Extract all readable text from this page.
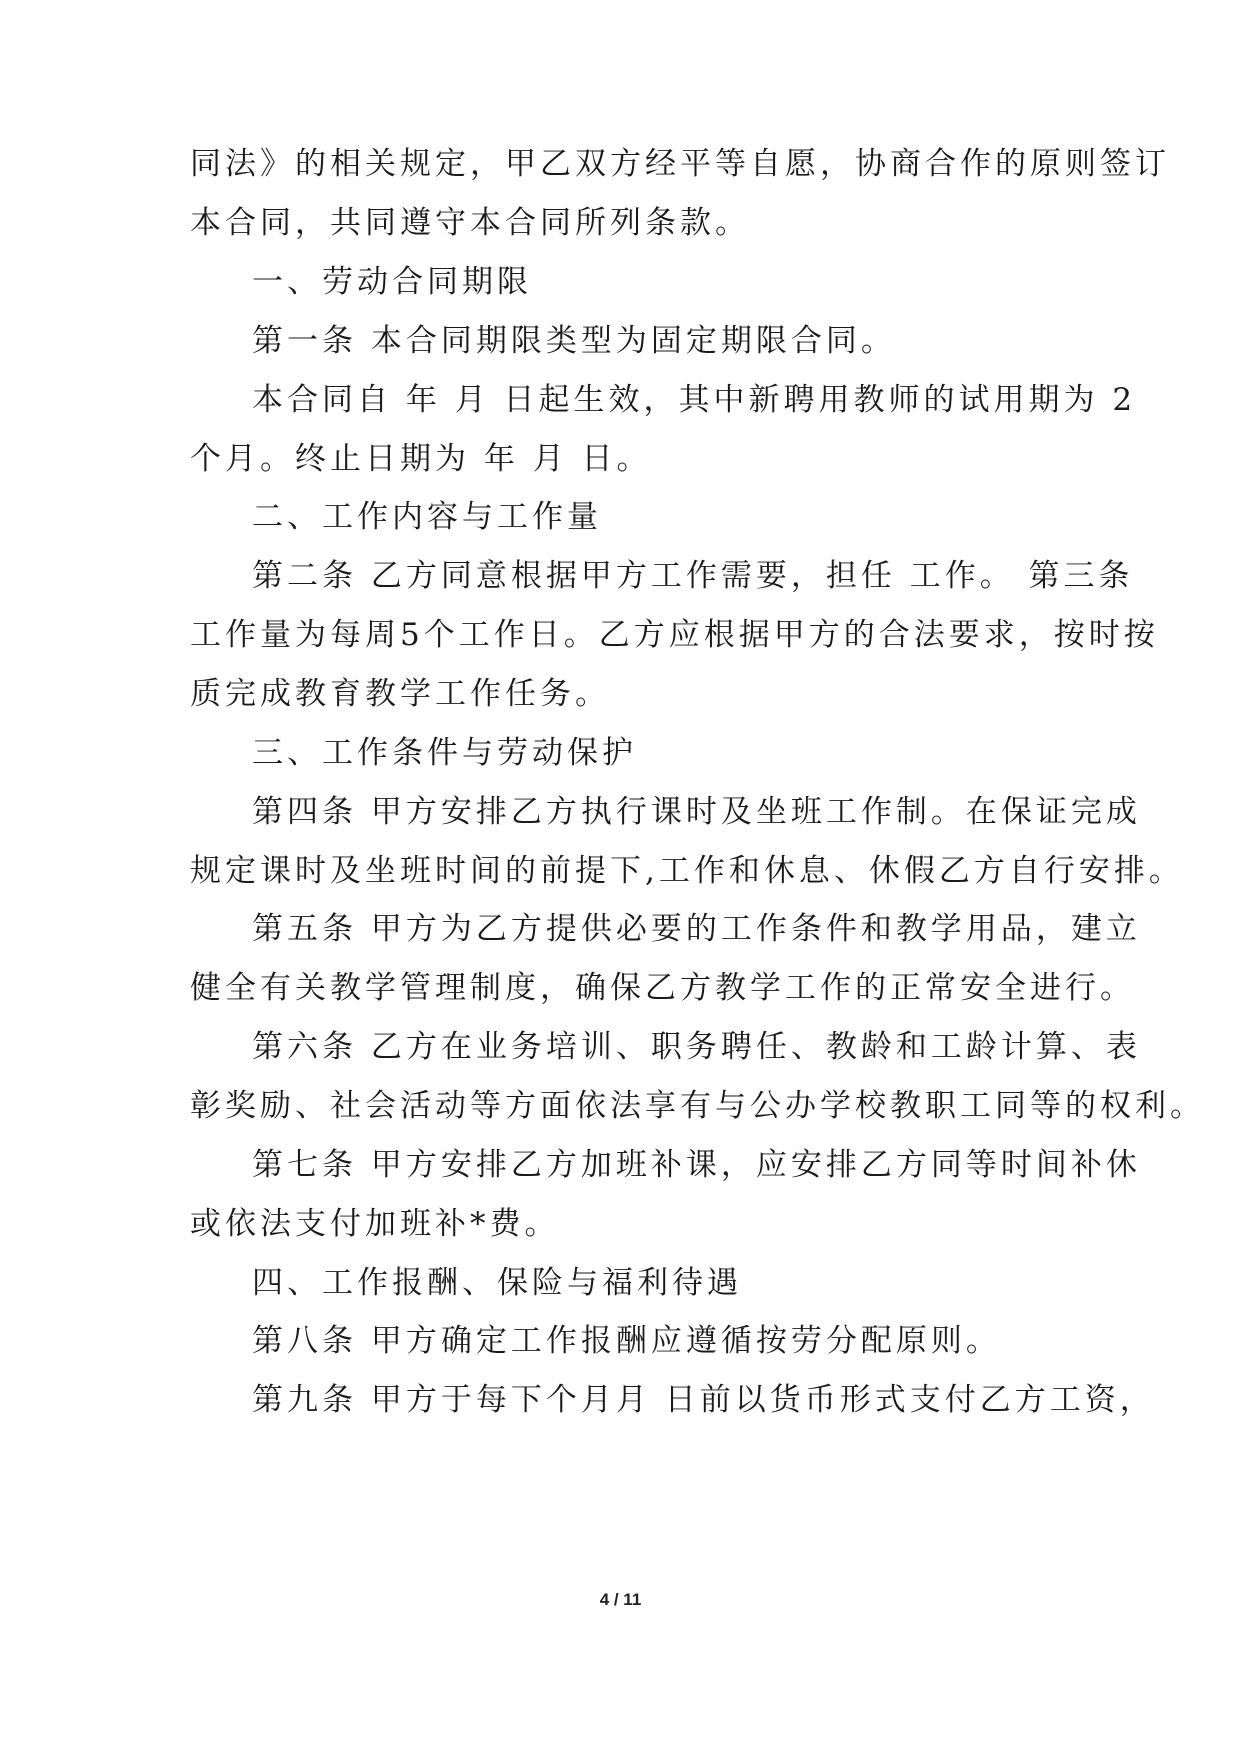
同法》的相关规定，甲乙双方经平等自愿，协商合作的原则签订
本合同，共同遵守本合同所列条款。
一、劳动合同期限
第一条 本合同期限类型为固定期限合同。
本合同自 年 月 日起生效，其中新聘用教师的试用期为 2
个月。终止日期为 年 月 日。
二、工作内容与工作量
第二条 乙方同意根据甲方工作需要，担任 工作。 第三条
工作量为每周5个工作日。乙方应根据甲方的合法要求，按时按
质完成教育教学工作任务。
三、工作条件与劳动保护
第四条 甲方安排乙方执行课时及坐班工作制。在保证完成
规定课时及坐班时间的前提下,工作和休息、休假乙方自行安排。
第五条 甲方为乙方提供必要的工作条件和教学用品，建立
健全有关教学管理制度，确保乙方教学工作的正常安全进行。
第六条 乙方在业务培训、职务聘任、教龄和工龄计算、表
彰奖励、社会活动等方面依法享有与公办学校教职工同等的权利。
第七条 甲方安排乙方加班补课，应安排乙方同等时间补休
或依法支付加班补*费。
四、工作报酬、保险与福利待遇
第八条 甲方确定工作报酬应遵循按劳分配原则。
第九条 甲方于每下个月月 日前以货币形式支付乙方工资，
4 / 11
